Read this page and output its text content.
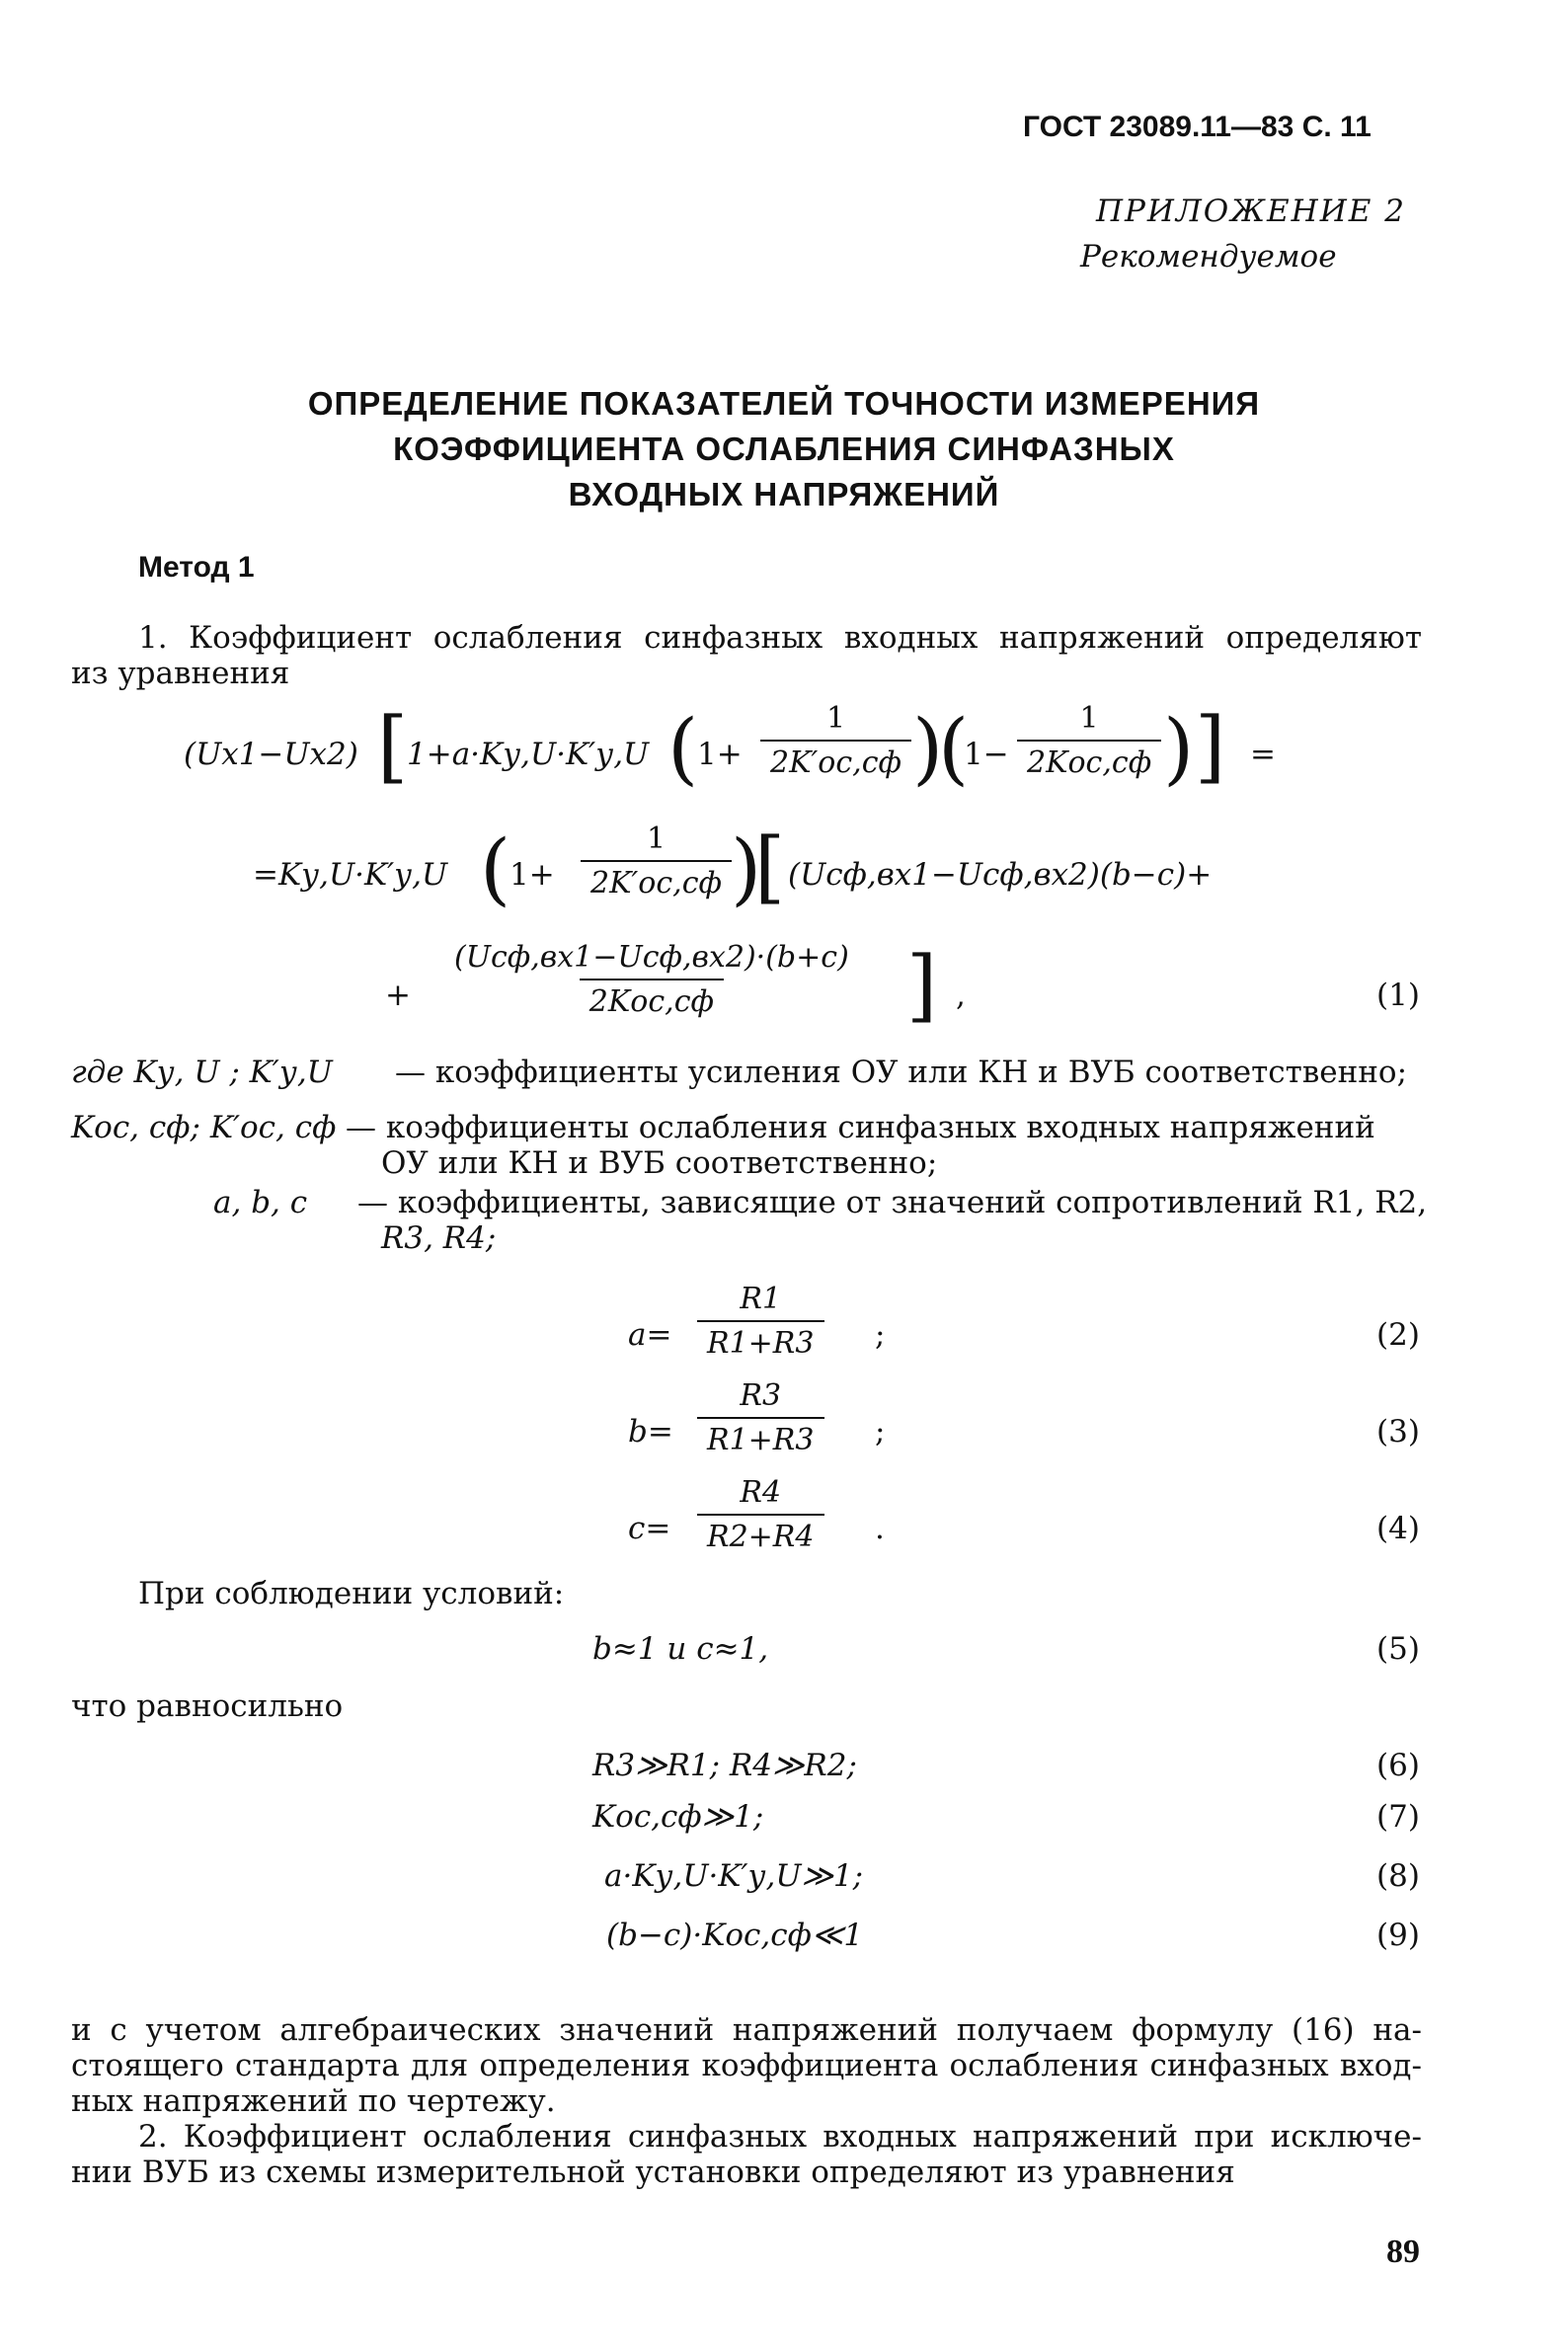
ГОСТ 23089.11—83 С. 11
ПРИЛОЖЕНИЕ 2
Рекомендуемое
ОПРЕДЕЛЕНИЕ ПОКАЗАТЕЛЕЙ ТОЧНОСТИ ИЗМЕРЕНИЯ
КОЭФФИЦИЕНТА ОСЛАБЛЕНИЯ СИНФАЗНЫХ
ВХОДНЫХ НАПРЯЖЕНИЙ
Метод 1
1. Коэффициент ослабления синфазных входных напряжений определяют
из уравнения
(Uх1−Uх2) [
1+a·Kу,U·K′у,U (
1+
1
2K′ос,сф )
(
1−
1
2Kос,сф ) ] =
=Kу,U·K′у,U (
1+
1
2K′ос,сф )
[ (Uсф,вх1−Uсф,вх2)(b−c)+
+
(Uсф,вх1−Uсф,вх2)·(b+c)
2Kос,сф ] ,	(1)
где Kу, U ; K′у,U — коэффициенты усиления ОУ или КН и ВУБ соответственно;
Kос, сф; K′ос, сф — коэффициенты ослабления синфазных входных напряжений
ОУ или КН и ВУБ соответственно;
a, b, c — коэффициенты, зависящие от значений сопротивлений R1, R2,
R3, R4;
$a= \frac{R1}{R1+R3}$ ;	(2)
$b= \frac{R3}{R1+R3}$ ;	(3)
$c= \frac{R4}{R2+R4}$ .	(4)
При соблюдении условий:
b≈1 и c≈1,	(5)
что равносильно
R3≫R1; R4≫R2;	(6)
Kос,сф≫1;	(7)
a·Kу,U·K′у,U≫1;	(8)
(b−c)·Kос,сф≪1	(9)
и с учетом алгебраических значений напряжений получаем формулу (16) на-
стоящего стандарта для определения коэффициента ослабления синфазных вход-
ных напряжений по чертежу.
2. Коэффициент ослабления синфазных входных напряжений при исключе-
нии ВУБ из схемы измерительной установки определяют из уравнения
89
